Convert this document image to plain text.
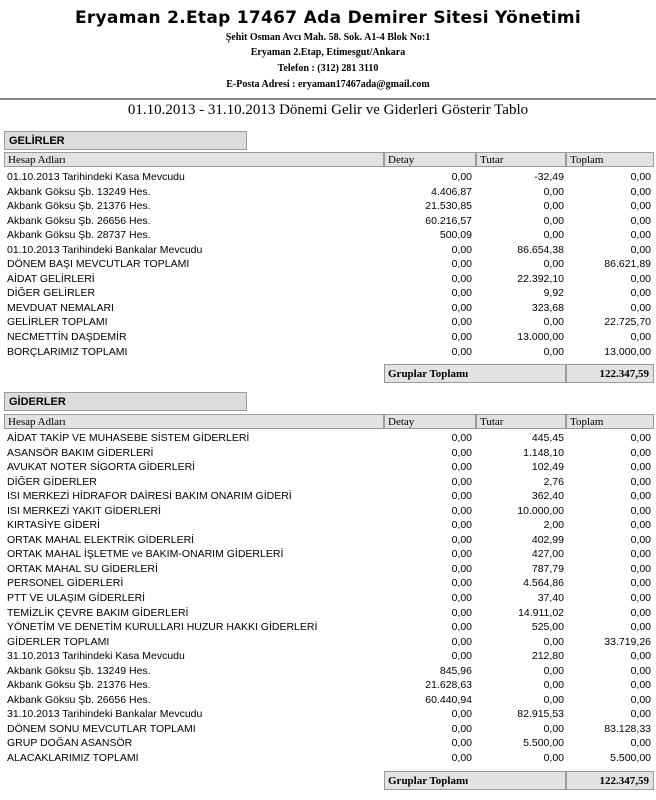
Eryaman 2.Etap 17467 Ada Demirer Sitesi Yönetimi
Şehit Osman Avcı Mah. 58. Sok. A1-4 Blok No:1
Eryaman 2.Etap, Etimesgut/Ankara
Telefon : (312) 281 3110
E-Posta Adresi : eryaman17467ada@gmail.com
01.10.2013 - 31.10.2013 Dönemi Gelir ve Giderleri Gösterir Tablo
GELİRLER
Hesap Adları	Detay	Tutar	Toplam
01.10.2013 Tarihindeki Kasa Mevcudu	0,00	-32,49	0,00
Akbank Göksu Şb. 13249 Hes.	4.406,87	0,00	0,00
Akbank Göksu Şb. 21376 Hes.	21.530,85	0,00	0,00
Akbank Göksu Şb. 26656 Hes.	60.216,57	0,00	0,00
Akbank Göksu Şb. 28737 Hes.	500,09	0,00	0,00
01.10.2013 Tarihindeki Bankalar Mevcudu	0,00	86.654,38	0,00
DÖNEM BAŞI MEVCUTLAR TOPLAMI	0,00	0,00	86.621,89
AİDAT GELİRLERİ	0,00	22.392,10	0,00
DİĞER GELİRLER	0,00	9,92	0,00
MEVDUAT NEMALARI	0,00	323,68	0,00
GELİRLER TOPLAMI	0,00	0,00	22.725,70
NECMETTİN DAŞDEMİR	0,00	13.000,00	0,00
BORÇLARIMIZ TOPLAMI	0,00	0,00	13.000,00
Gruplar Toplamı	122.347,59
GİDERLER
Hesap Adları	Detay	Tutar	Toplam
AİDAT TAKİP VE MUHASEBE SİSTEM GİDERLERİ	0,00	445,45	0,00
ASANSÖR BAKIM GİDERLERİ	0,00	1.148,10	0,00
AVUKAT NOTER SİGORTA GİDERLERİ	0,00	102,49	0,00
DİĞER GİDERLER	0,00	2,76	0,00
ISI MERKEZİ HİDRAFOR DAİRESİ BAKIM ONARIM GİDERİ	0,00	362,40	0,00
ISI MERKEZİ YAKIT GİDERLERİ	0,00	10.000,00	0,00
KIRTASİYE GİDERİ	0,00	2,00	0,00
ORTAK MAHAL ELEKTRİK GİDERLERİ	0,00	402,99	0,00
ORTAK MAHAL İŞLETME ve BAKIM-ONARIM GİDERLERİ	0,00	427,00	0,00
ORTAK MAHAL SU GİDERLERİ	0,00	787,79	0,00
PERSONEL GİDERLERİ	0,00	4.564,86	0,00
PTT VE ULAŞIM GİDERLERİ	0,00	37,40	0,00
TEMİZLİK ÇEVRE BAKIM GİDERLERİ	0,00	14.911,02	0,00
YÖNETİM VE DENETİM KURULLARI HUZUR HAKKI GİDERLERİ	0,00	525,00	0,00
GİDERLER TOPLAMI	0,00	0,00	33.719,26
31.10.2013 Tarihindeki Kasa Mevcudu	0,00	212,80	0,00
Akbank Göksu Şb. 13249 Hes.	845,96	0,00	0,00
Akbank Göksu Şb. 21376 Hes.	21.628,63	0,00	0,00
Akbank Göksu Şb. 26656 Hes.	60.440,94	0,00	0,00
31.10.2013 Tarihindeki Bankalar Mevcudu	0,00	82.915,53	0,00
DÖNEM SONU MEVCUTLAR TOPLAMI	0,00	0,00	83.128,33
GRUP DOĞAN ASANSÖR	0,00	5.500,00	0,00
ALACAKLARIMIZ TOPLAMI	0,00	0,00	5.500,00
Gruplar Toplamı	122.347,59
